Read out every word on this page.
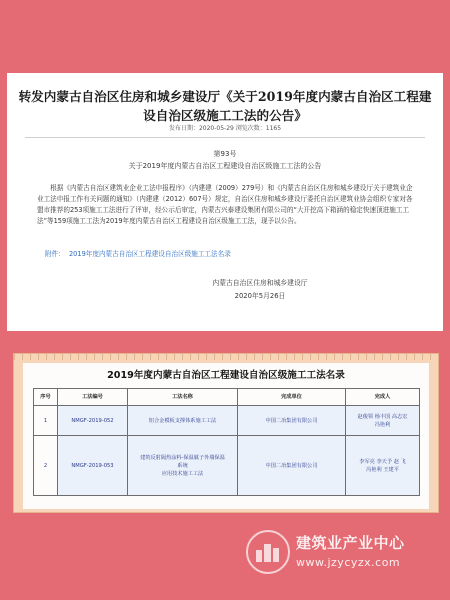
转发内蒙古自治区住房和城乡建设厅《关于2019年度内蒙古自治区工程建
设自治区级施工工法的公告》
发布日期：2020-05-29 浏览次数：1165
第93号
关于2019年度内蒙古自治区工程建设自治区级施工工法的公告
根据《内蒙古自治区建筑业企业工法申报程序》（内建建（2009）279号）和《内蒙古自治区住房和城乡建设厅关于建筑业企业工法申报工作有关问题的通知》（内建建（2012）607号）规定，自治区住房和城乡建设厅委托自治区建筑业协会组织专家对各盟市推荐的253项施工工法进行了评审，经公示后审定，内蒙古兴泰建设集团有限公司的“大开挖高下箱涵的稳定快速顶进施工工法”等159项施工工法为2019年度内蒙古自治区工程建设自治区级施工工法，现予以公告。
附件： 2019年度内蒙古自治区工程建设自治区级施工工法名录
内蒙古自治区住房和城乡建设厅
2020年5月26日
2019年度内蒙古自治区工程建设自治区级施工工法名录
序号	工法编号	工法名称	完成单位	完成人
1	NMGF-2019-052	铝合金模板支撑体系施工工法	中国二冶集团有限公司	赵俊领 杨丰国 高志宏
冯艳利

2	NMGF-2019-053	建筑反射隔热涂料-保温腻子外墙保温
系统
应用技术施工工法	中国二冶集团有限公司	李军亮 李天予 赵 飞
冯艳利 王建平
建筑业产业中心
www.jzycyzx.com
